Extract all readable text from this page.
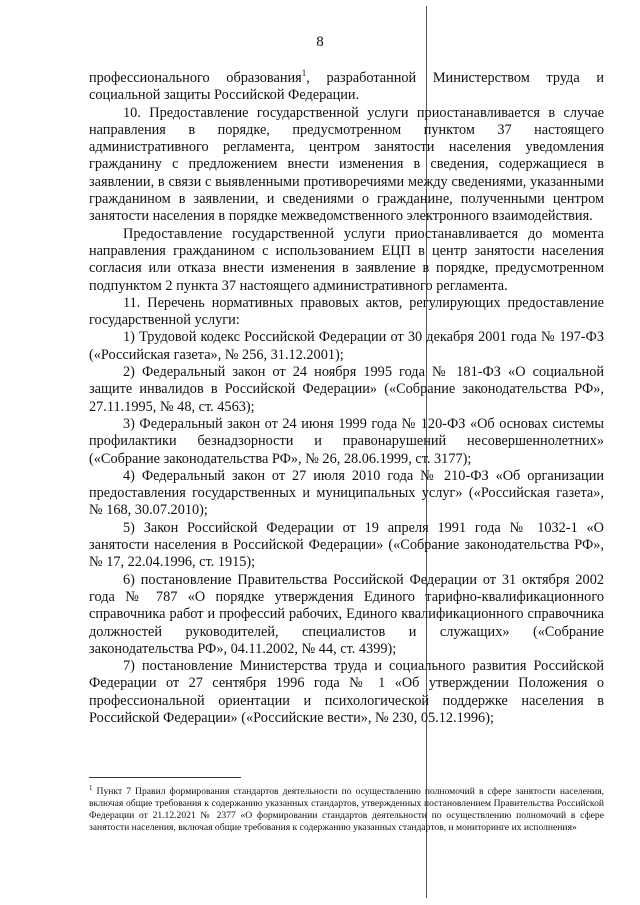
8

профессионального образования$^1$, разработанной Министерством труда и социальной защиты Российской Федерации.

10. Предоставление государственной услуги приостанавливается в случае направления в порядке, предусмотренном пунктом 37 настоящего административного регламента, центром занятости населения уведомления гражданину с предложением внести изменения в сведения, содержащиеся в заявлении, в связи с выявленными противоречиями между сведениями, указанными гражданином в заявлении, и сведениями о гражданине, полученными центром занятости населения в порядке межведомственного электронного взаимодействия.

Предоставление государственной услуги приостанавливается до момента направления гражданином с использованием ЕЦП в центр занятости населения согласия или отказа внести изменения в заявление в порядке, предусмотренном подпунктом 2 пункта 37 настоящего административного регламента.

11. Перечень нормативных правовых актов, регулирующих предоставление государственной услуги:

1) Трудовой кодекс Российской Федерации от 30 декабря 2001 года № 197-ФЗ («Российская газета», № 256, 31.12.2001);

2) Федеральный закон от 24 ноября 1995 года № 181-ФЗ «О социальной защите инвалидов в Российской Федерации» («Собрание законодательства РФ», 27.11.1995, № 48, ст. 4563);

3) Федеральный закон от 24 июня 1999 года № 120-ФЗ «Об основах системы профилактики безнадзорности и правонарушений несовершеннолетних» («Собрание законодательства РФ», № 26, 28.06.1999, ст. 3177);

4) Федеральный закон от 27 июля 2010 года № 210-ФЗ «Об организации предоставления государственных и муниципальных услуг» («Российская газета», № 168, 30.07.2010);

5) Закон Российской Федерации от 19 апреля 1991 года № 1032-1 «О занятости населения в Российской Федерации» («Собрание законодательства РФ», № 17, 22.04.1996, ст. 1915);

6) постановление Правительства Российской Федерации от 31 октября 2002 года № 787 «О порядке утверждения Единого тарифно-квалификационного справочника работ и профессий рабочих, Единого квалификационного справочника должностей руководителей, специалистов и служащих» («Собрание законодательства РФ», 04.11.2002, № 44, ст. 4399);

7) постановление Министерства труда и социального развития Российской Федерации от 27 сентября 1996 года № 1 «Об утверждении Положения о профессиональной ориентации и психологической поддержке населения в Российской Федерации» («Российские вести», № 230, 05.12.1996);

$^1$ Пункт 7 Правил формирования стандартов деятельности по осуществлению полномочий в сфере занятости населения, включая общие требования к содержанию указанных стандартов, утвержденных постановлением Правительства Российской Федерации от 21.12.2021 № 2377 «О формировании стандартов деятельности по осуществлению полномочий в сфере занятости населения, включая общие требования к содержанию указанных стандартов, и мониторинге их исполнения»
